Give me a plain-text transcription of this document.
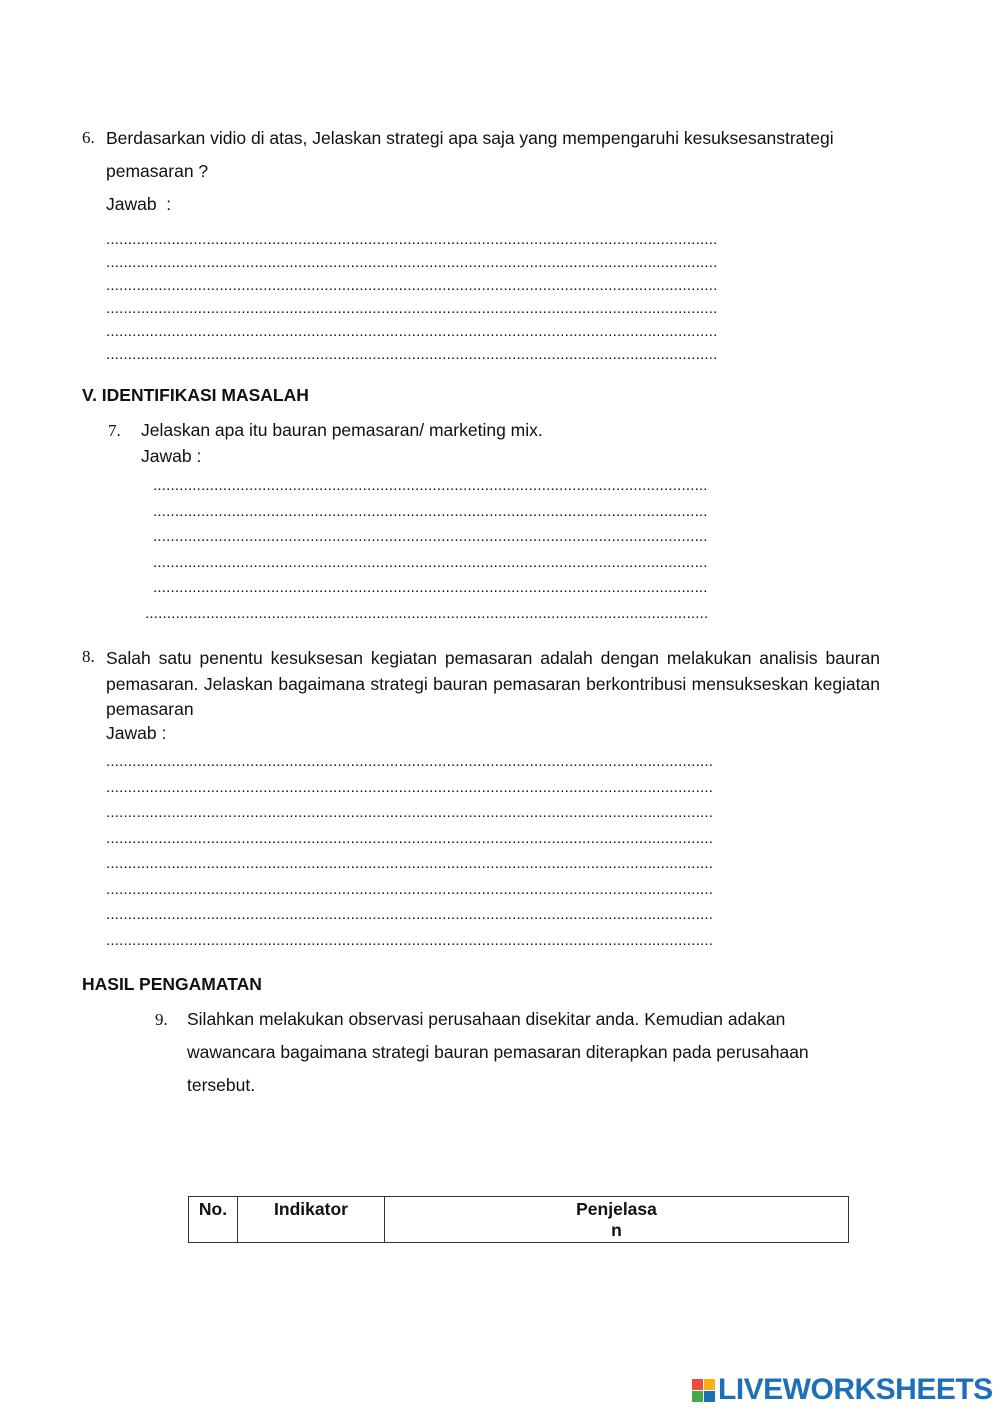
6. Berdasarkan vidio di atas, Jelaskan strategi apa saja yang mempengaruhi kesuksesanstrategi
pemasaran ?
Jawab  :
............................................................................................................................................
............................................................................................................................................
............................................................................................................................................
............................................................................................................................................
............................................................................................................................................
............................................................................................................................................
V. IDENTIFIKASI MASALAH
7. Jelaskan apa itu bauran pemasaran/ marketing mix.
Jawab :
...............................................................................................................................
...............................................................................................................................
...............................................................................................................................
...............................................................................................................................
...............................................................................................................................
.................................................................................................................................
8. Salah satu penentu kesuksesan kegiatan pemasaran adalah dengan melakukan analisis bauran pemasaran. Jelaskan bagaimana strategi bauran pemasaran berkontribusi mensukseskan kegiatan pemasaran
Jawab :
...........................................................................................................................................
...........................................................................................................................................
...........................................................................................................................................
...........................................................................................................................................
...........................................................................................................................................
...........................................................................................................................................
...........................................................................................................................................
...........................................................................................................................................
HASIL PENGAMATAN
9. Silahkan melakukan observasi perusahaan disekitar anda. Kemudian adakan
wawancara bagaimana strategi bauran pemasaran diterapkan pada perusahaan
tersebut.
No.	Indikator	Penjelasa
n
LIVEWORKSHEETS
